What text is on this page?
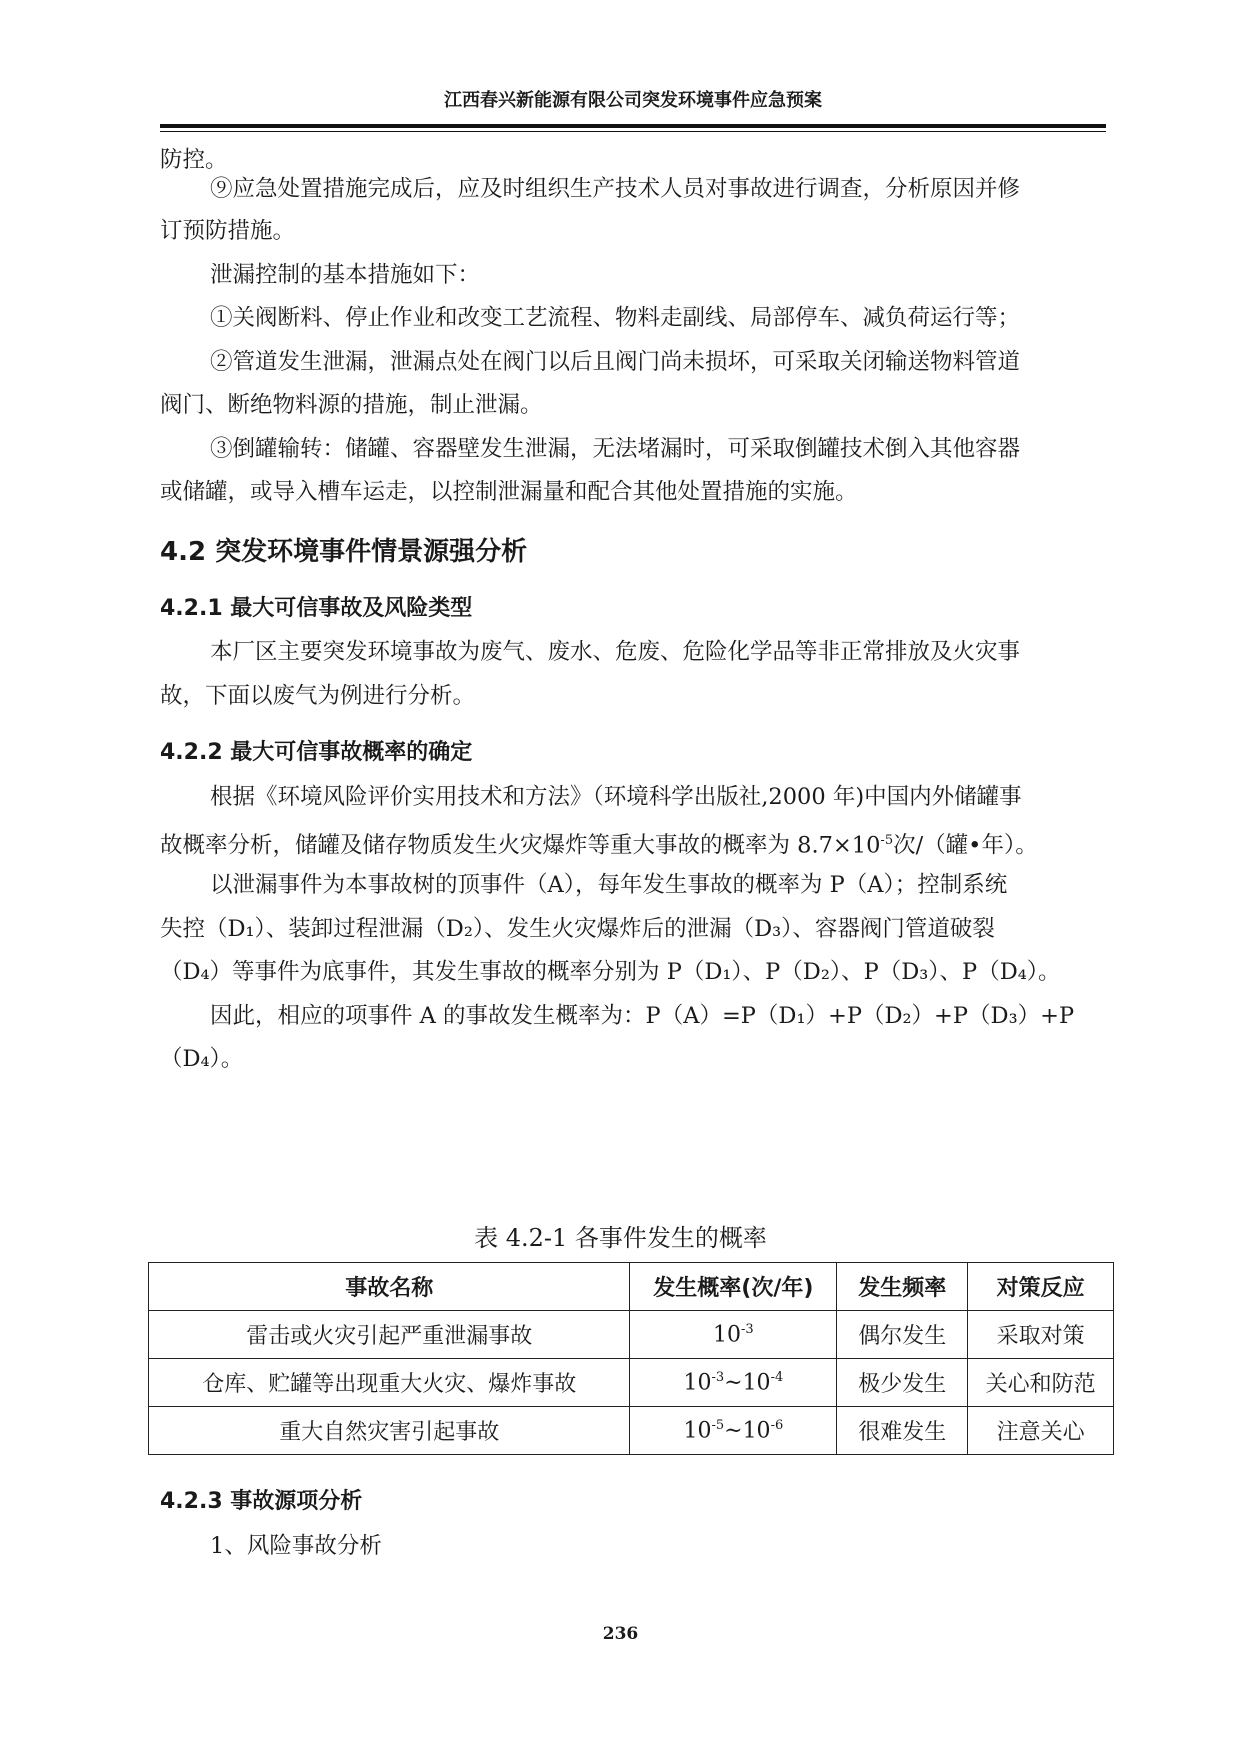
江西春兴新能源有限公司突发环境事件应急预案
防控。
⑨应急处置措施完成后，应及时组织生产技术人员对事故进行调查，分析原因并修
订预防措施。
泄漏控制的基本措施如下：
①关阀断料、停止作业和改变工艺流程、物料走副线、局部停车、减负荷运行等；
②管道发生泄漏，泄漏点处在阀门以后且阀门尚未损坏，可采取关闭输送物料管道
阀门、断绝物料源的措施，制止泄漏。
③倒罐输转：储罐、容器壁发生泄漏，无法堵漏时，可采取倒罐技术倒入其他容器
或储罐，或导入槽车运走，以控制泄漏量和配合其他处置措施的实施。
4.2 突发环境事件情景源强分析
4.2.1 最大可信事故及风险类型
本厂区主要突发环境事故为废气、废水、危废、危险化学品等非正常排放及火灾事
故，下面以废气为例进行分析。
4.2.2 最大可信事故概率的确定
根据《环境风险评价实用技术和方法》（环境科学出版社,2000 年)中国内外储罐事
故概率分析，储罐及储存物质发生火灾爆炸等重大事故的概率为 $8.7\times 10^{-5}$次/（罐•年）。
以泄漏事件为本事故树的顶事件（A），每年发生事故的概率为 P（A）；控制系统
失控（D₁）、装卸过程泄漏（D₂）、发生火灾爆炸后的泄漏（D₃）、容器阀门管道破裂
（D₄）等事件为底事件，其发生事故的概率分别为 P（D₁）、P（D₂）、P（D₃）、P（D₄）。
因此，相应的项事件 A 的事故发生概率为：P（A）=P（D₁）+P（D₂）+P（D₃）+P
（D₄）。
表 4.2-1 各事件发生的概率
事故名称	发生概率(次/年)	发生频率	对策反应
雷击或火灾引起严重泄漏事故	$10^{-3}$	偶尔发生	采取对策
仓库、贮罐等出现重大火灾、爆炸事故	$10^{-3}\sim 10^{-4}$	极少发生	关心和防范
重大自然灾害引起事故	$10^{-5}\sim 10^{-6}$	很难发生	注意关心
4.2.3 事故源项分析
1、风险事故分析
236
